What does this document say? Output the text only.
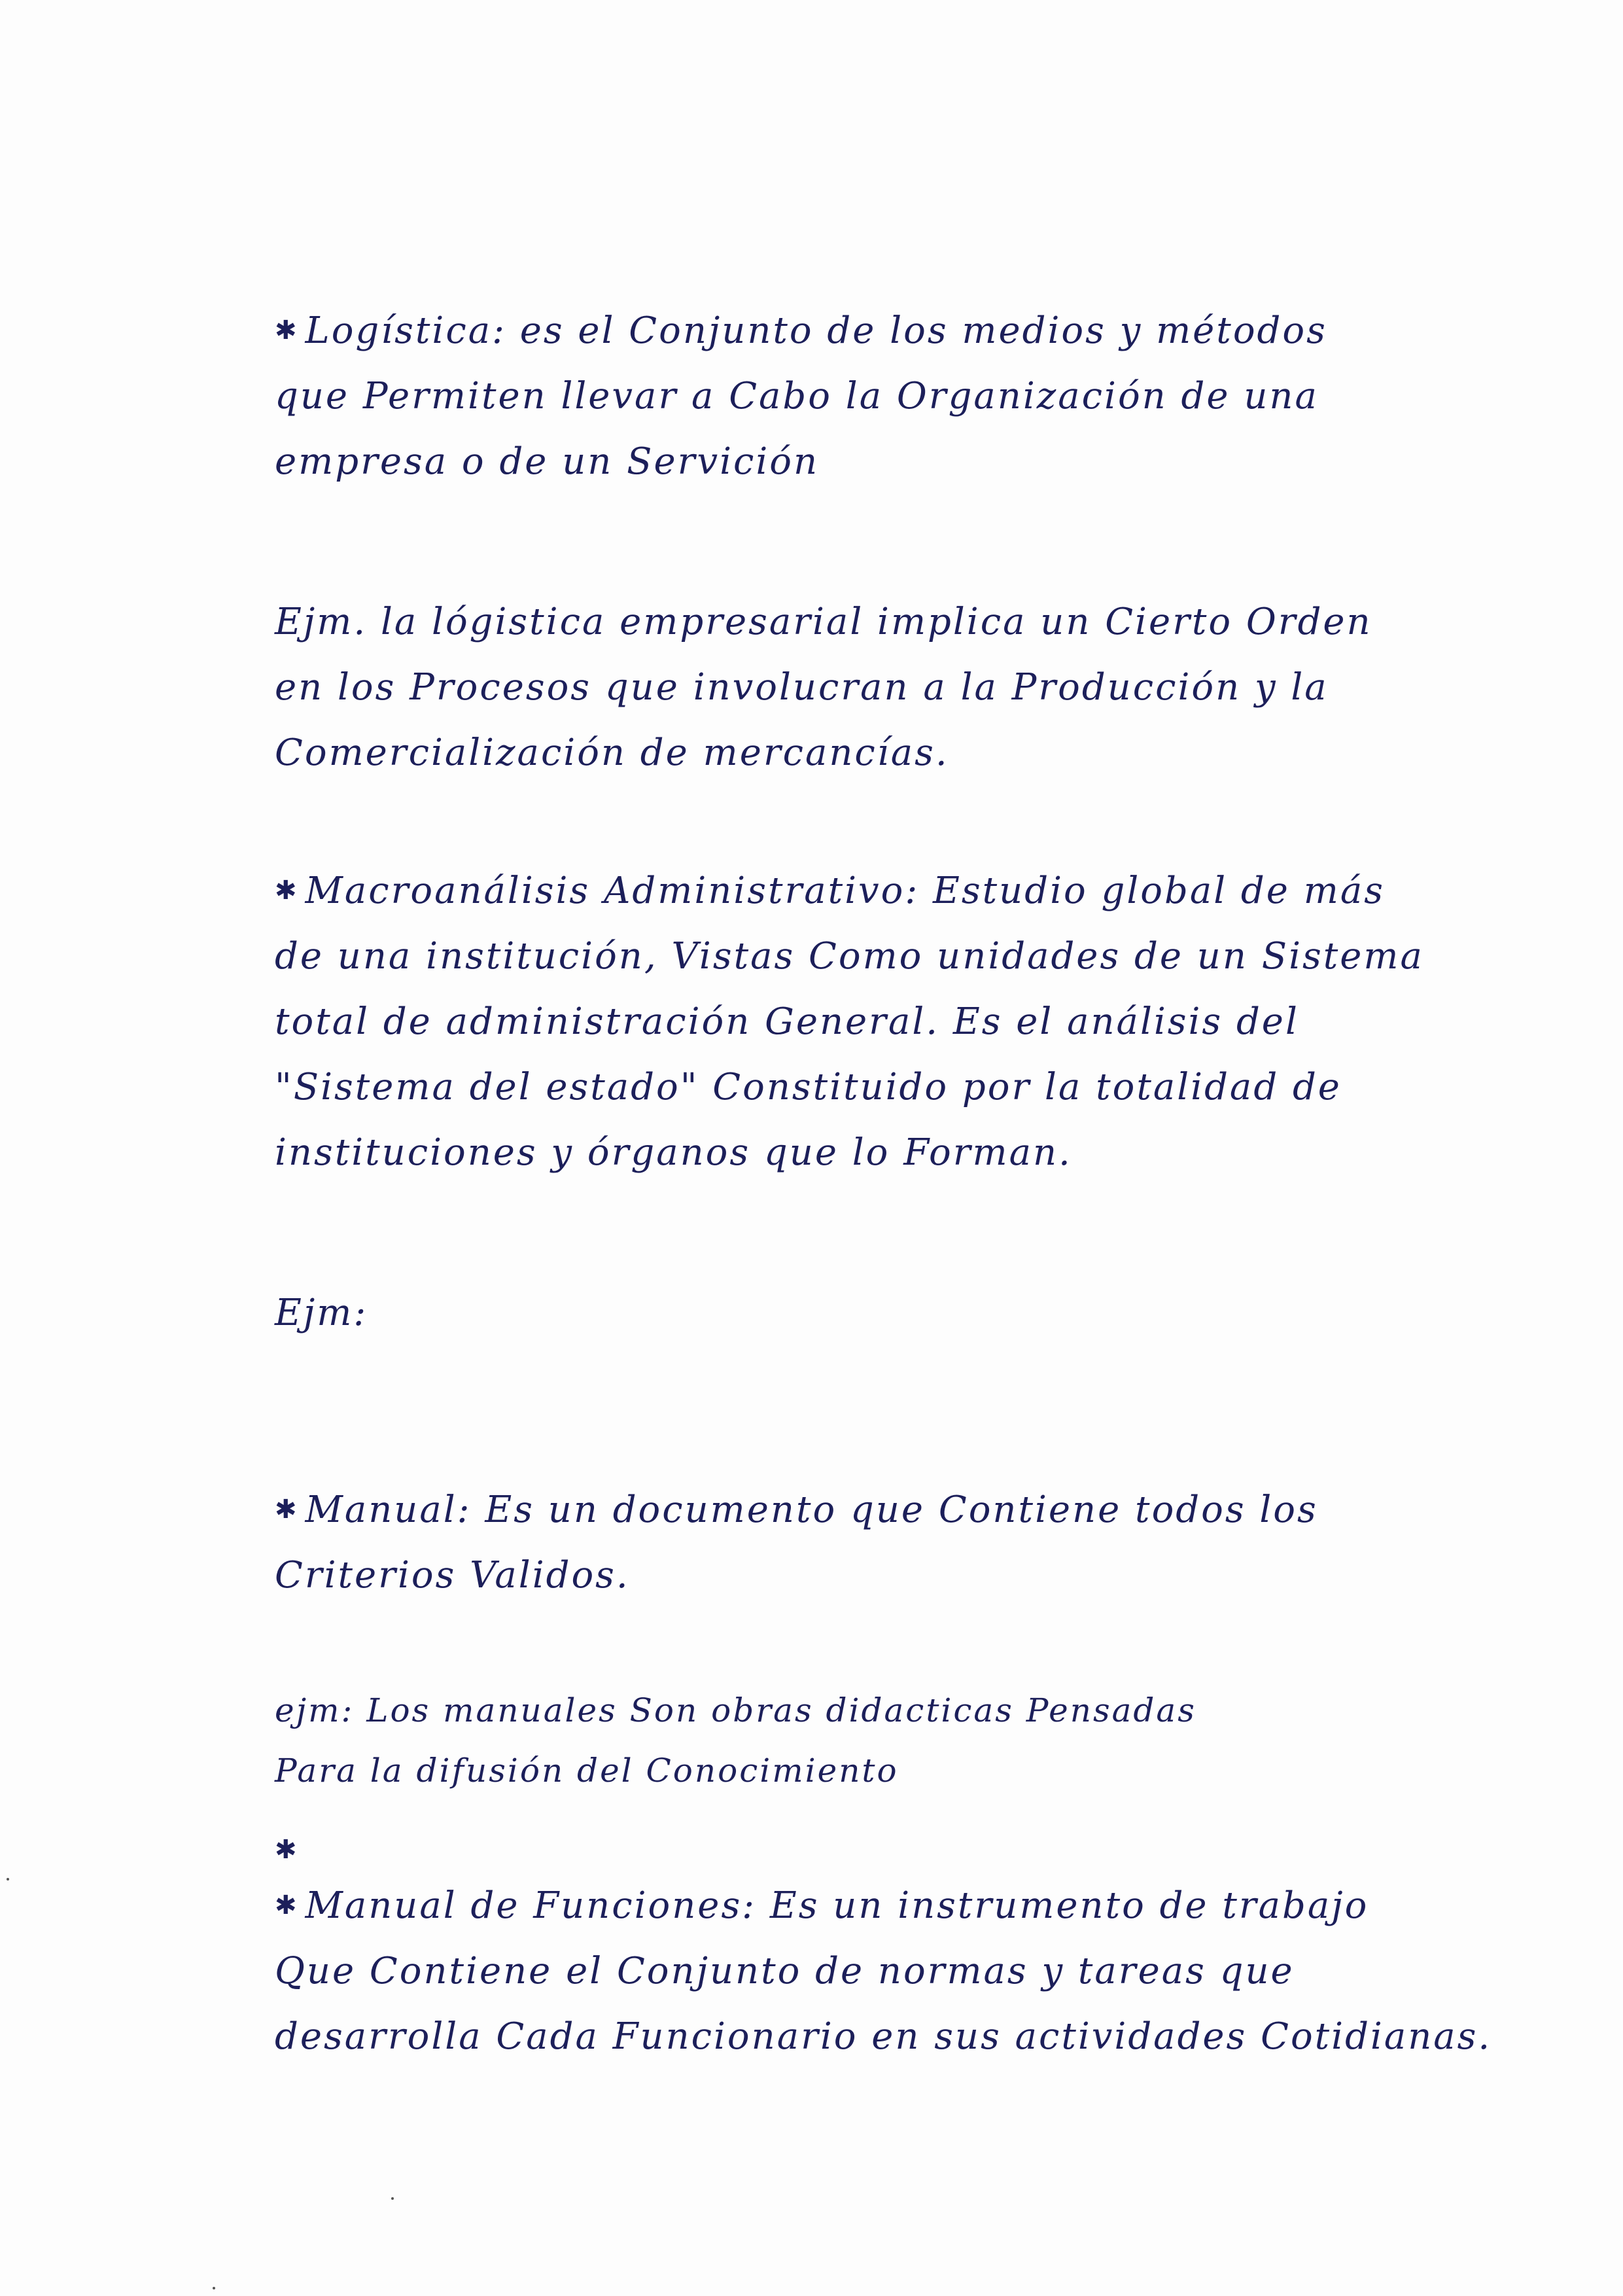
✱ Logística: es el Conjunto de los medios y métodos

que Permiten llevar a Cabo la Organización de una

empresa o de un Servición

Ejm. la lógistica empresarial implica un Cierto Orden

en los Procesos que involucran a la Producción y la

Comercialización de mercancías.

✱ Macroanálisis Administrativo: Estudio global de más

de una institución, Vistas Como unidades de un Sistema

total de administración General. Es el análisis del

"Sistema del estado" Constituido por la totalidad de

instituciones y órganos que lo Forman.

Ejm:

✱ Manual: Es un documento que Contiene todos los

Criterios Validos.

ejm: Los manuales Son obras didacticas Pensadas

Para la difusión del Conocimiento

✱

✱ Manual de Funciones: Es un instrumento de trabajo

Que Contiene el Conjunto de normas y tareas que

desarrolla Cada Funcionario en sus actividades Cotidianas.
